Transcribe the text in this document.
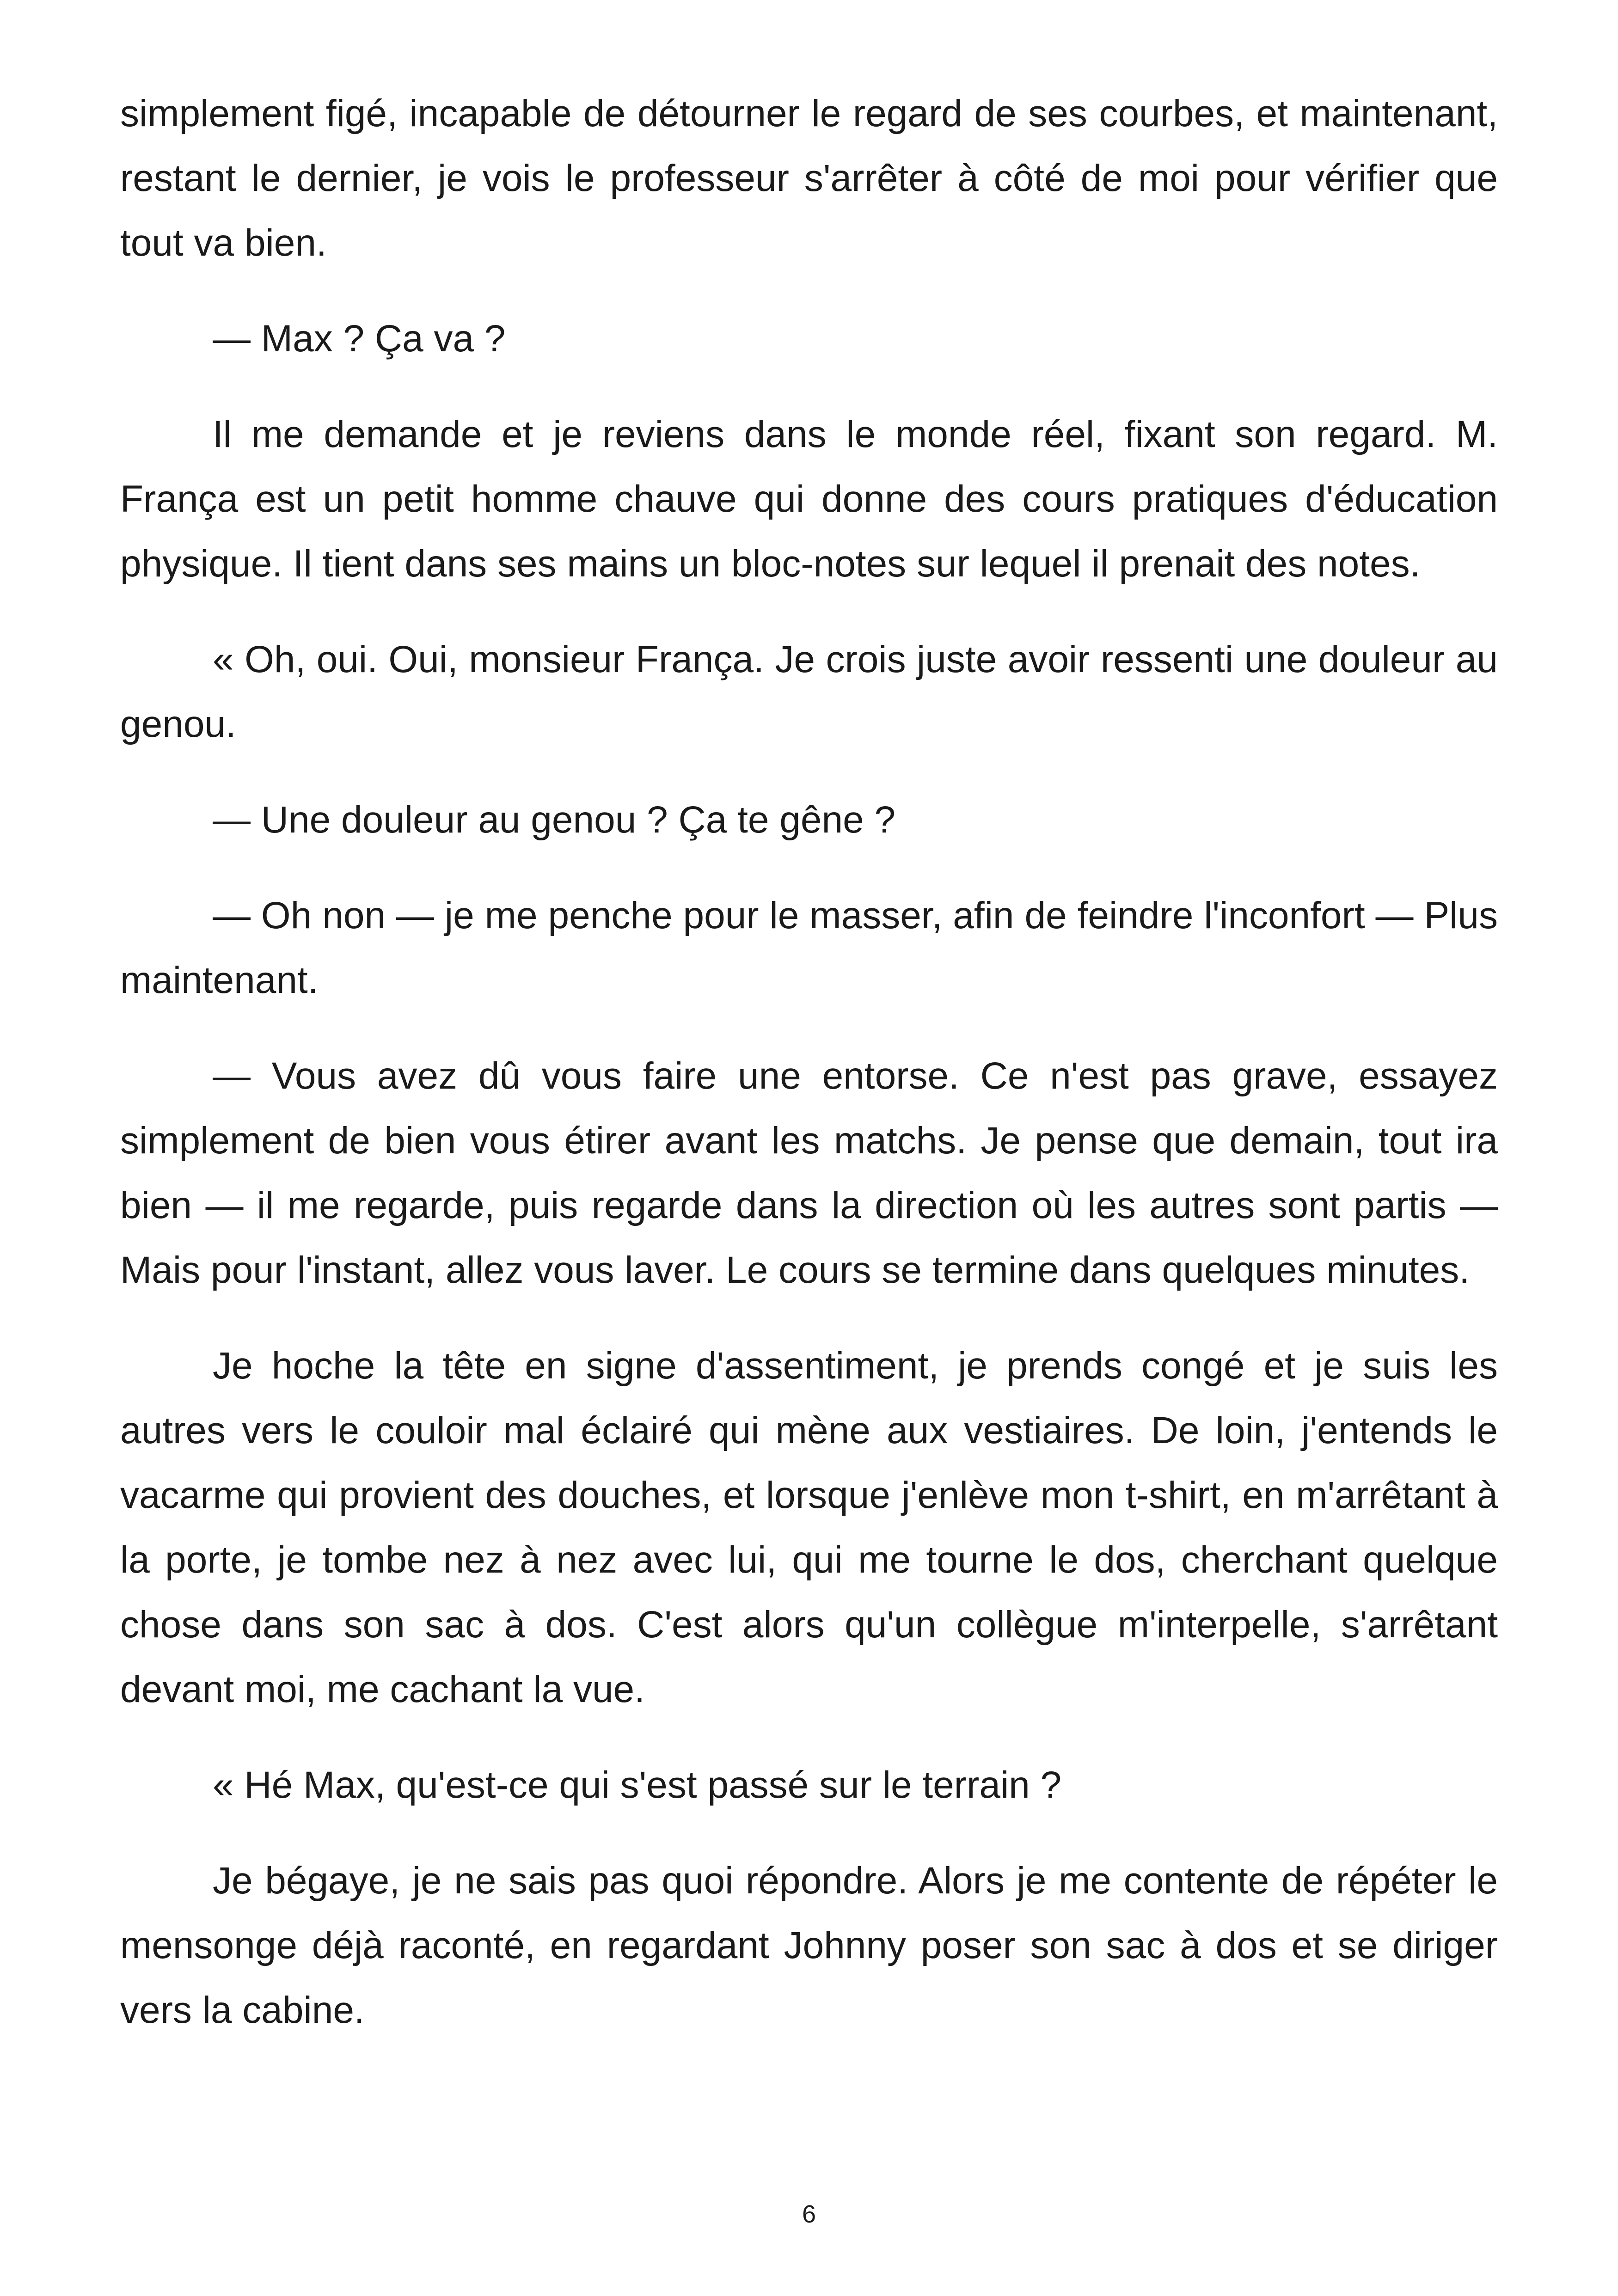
simplement figé, incapable de détourner le regard de ses courbes, et maintenant, restant le dernier, je vois le professeur s'arrêter à côté de moi pour vérifier que tout va bien.

— Max ? Ça va ?

Il me demande et je reviens dans le monde réel, fixant son regard. M. França est un petit homme chauve qui donne des cours pratiques d'éducation physique. Il tient dans ses mains un bloc-notes sur lequel il prenait des notes.

« Oh, oui. Oui, monsieur França. Je crois juste avoir ressenti une douleur au genou.

— Une douleur au genou ? Ça te gêne ?

— Oh non — je me penche pour le masser, afin de feindre l'inconfort — Plus maintenant.

— Vous avez dû vous faire une entorse. Ce n'est pas grave, essayez simplement de bien vous étirer avant les matchs. Je pense que demain, tout ira bien — il me regarde, puis regarde dans la direction où les autres sont partis — Mais pour l'instant, allez vous laver. Le cours se termine dans quelques minutes.

Je hoche la tête en signe d'assentiment, je prends congé et je suis les autres vers le couloir mal éclairé qui mène aux vestiaires. De loin, j'entends le vacarme qui provient des douches, et lorsque j'enlève mon t-shirt, en m'arrêtant à la porte, je tombe nez à nez avec lui, qui me tourne le dos, cherchant quelque chose dans son sac à dos. C'est alors qu'un collègue m'interpelle, s'arrêtant devant moi, me cachant la vue.

« Hé Max, qu'est-ce qui s'est passé sur le terrain ?

Je bégaye, je ne sais pas quoi répondre. Alors je me contente de répéter le mensonge déjà raconté, en regardant Johnny poser son sac à dos et se diriger vers la cabine.

6
